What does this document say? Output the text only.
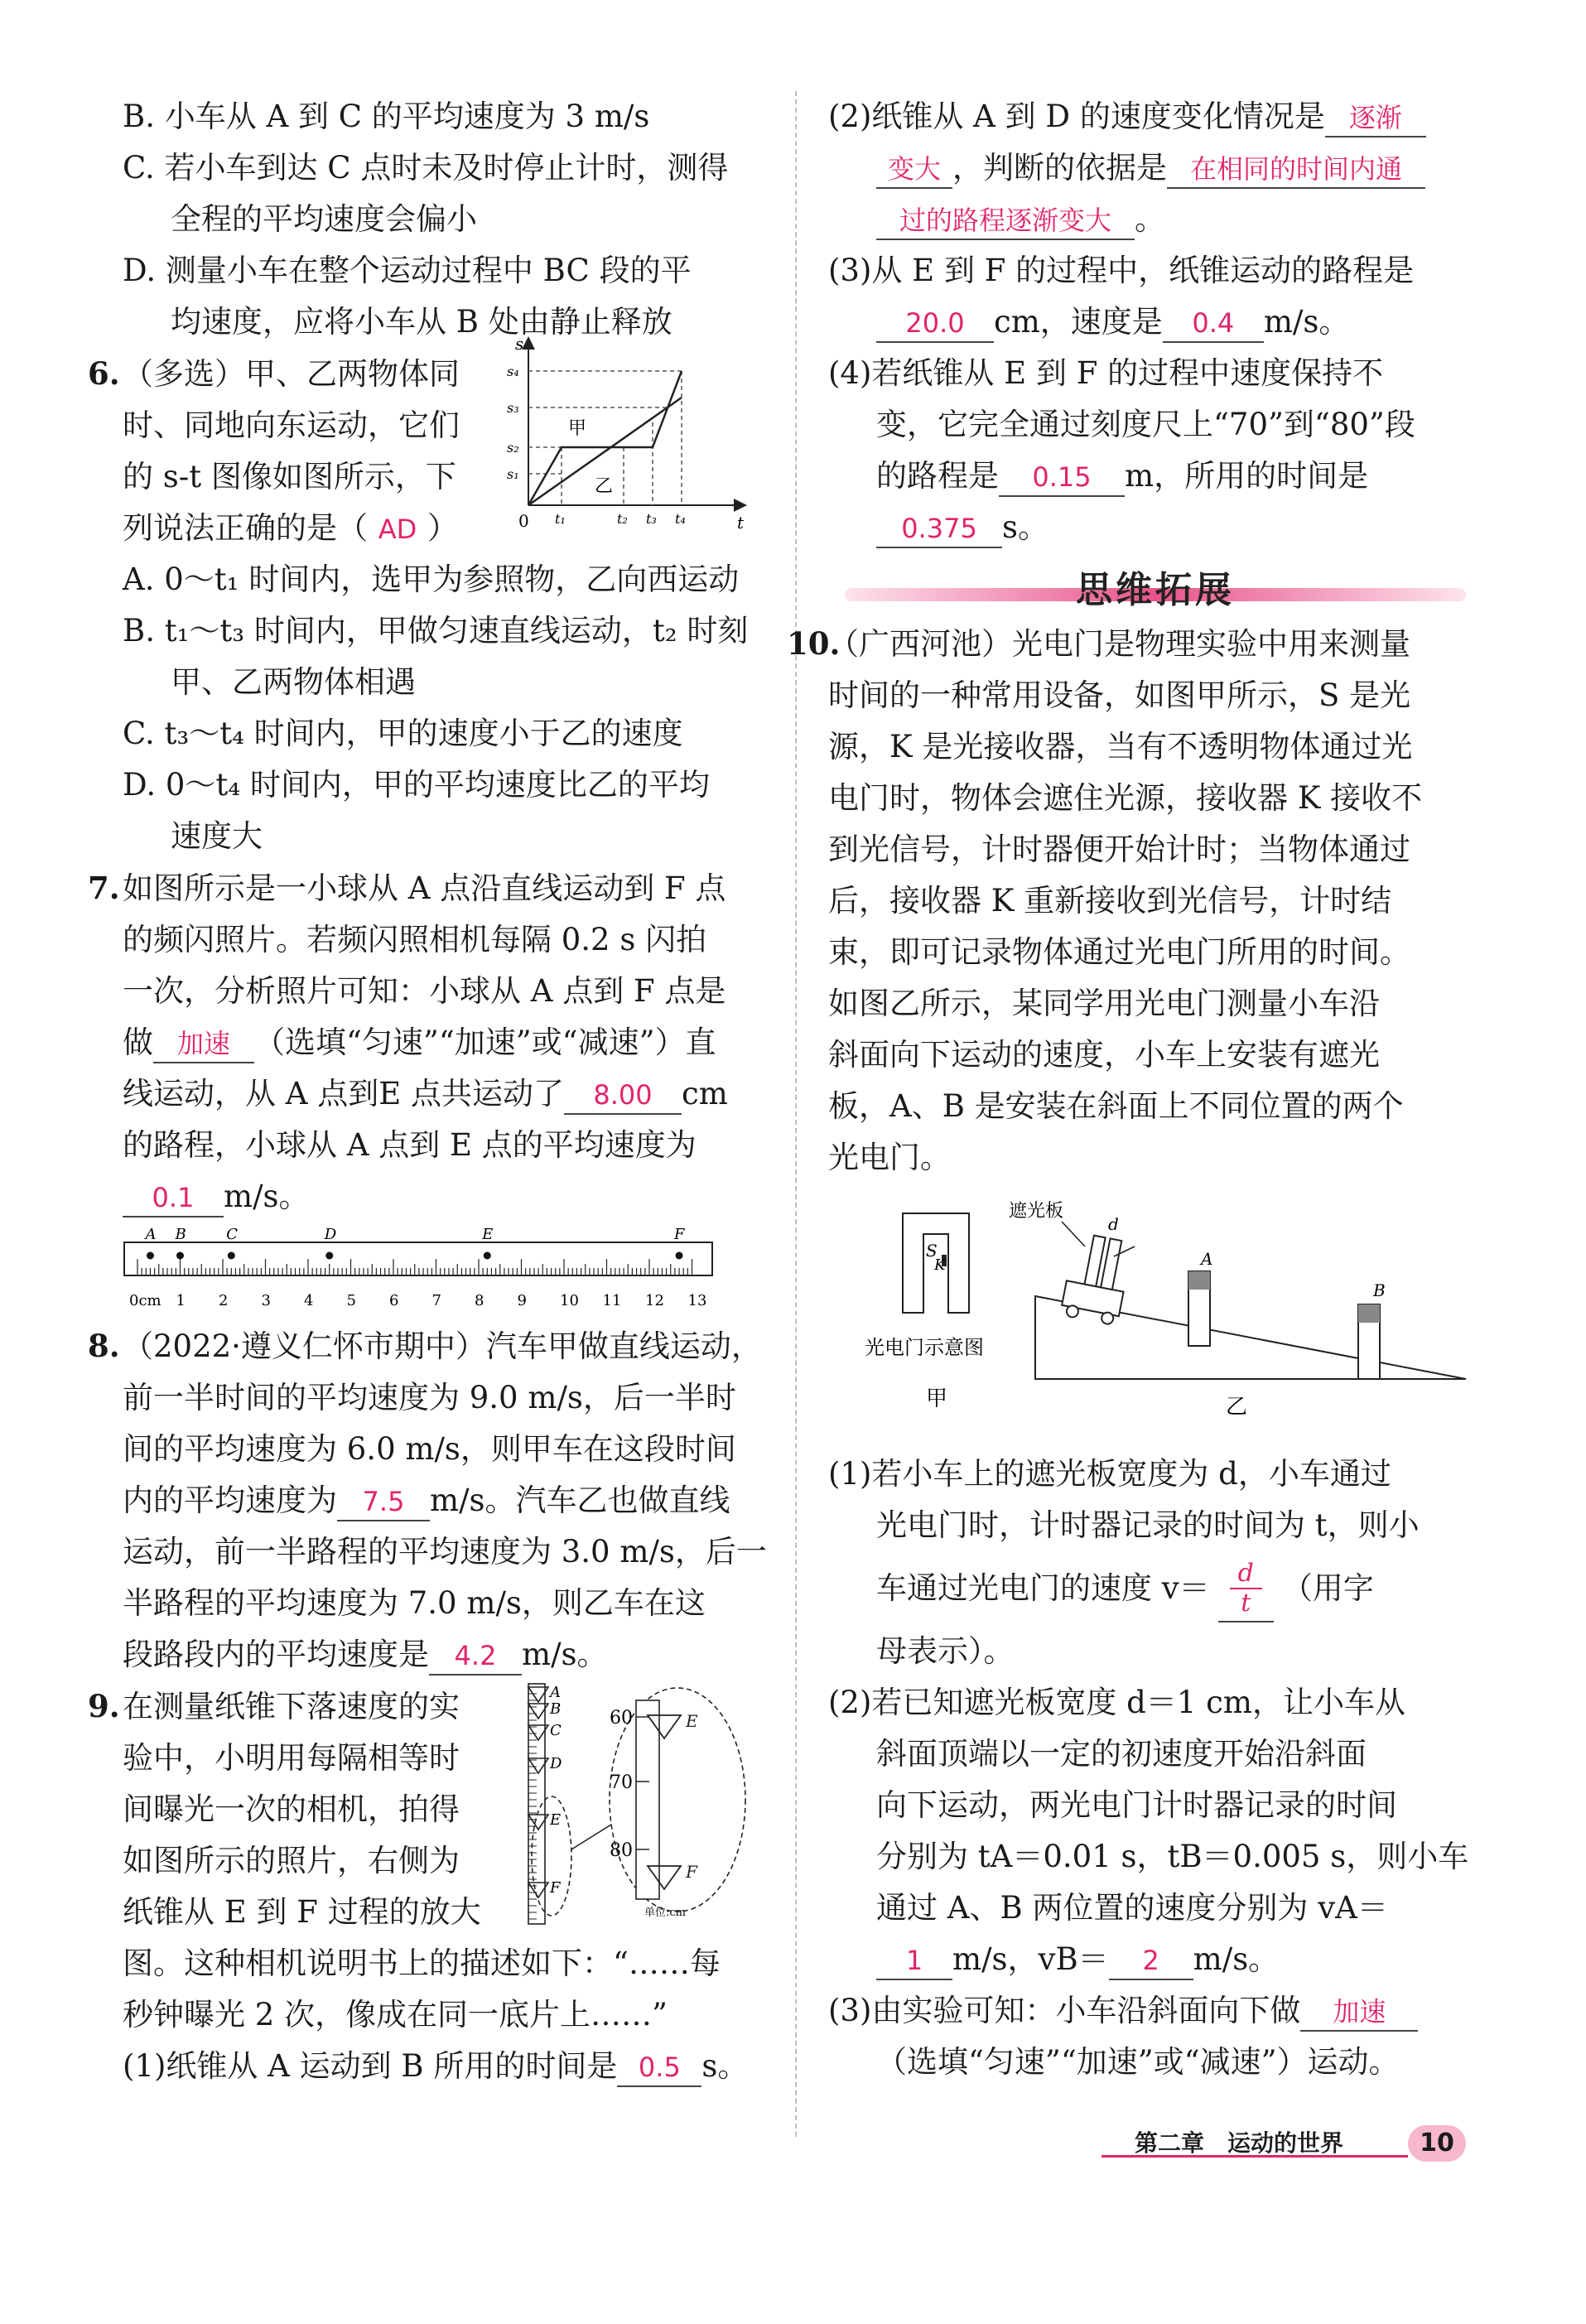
B. 小车从 A 到 C 的平均速度为 3 m/s
C. 若小车到达 C 点时未及时停止计时，测得
全程的平均速度会偏小
D. 测量小车在整个运动过程中 BC 段的平
均速度，应将小车从 B 处由静止释放
6.（多选）甲、乙两物体同
时、同地向东运动，它们
的 s-t 图像如图所示，下
列说法正确的是（ AD ）
s
t
0
s₄
s₃
s₂
s₁
t₁	t₂ t₃ t₄
甲
乙
A. 0～t₁ 时间内，选甲为参照物，乙向西运动
B. t₁～t₃ 时间内，甲做匀速直线运动，t₂ 时刻
甲、乙两物体相遇
C. t₃～t₄ 时间内，甲的速度小于乙的速度
D. 0～t₄ 时间内，甲的平均速度比乙的平均
速度大
7.如图所示是一小球从 A 点沿直线运动到 F 点
的频闪照片。若频闪照相机每隔 0.2 s 闪拍
一次，分析照片可知：小球从 A 点到 F 点是
做 加速 （选填“匀速”“加速”或“减速”）直
线运动，从 A 点到E 点共运动了 8.00 cm
的路程，小球从 A 点到 E 点的平均速度为
0.1 m/s。
A B	C	D	E	F
0cm 1 2 3 4 5 6 7 8 9 10 11 12 13
8.（2022·遵义仁怀市期中）汽车甲做直线运动，
前一半时间的平均速度为 9.0 m/s，后一半时
间的平均速度为 6.0 m/s，则甲车在这段时间
内的平均速度为 7.5 m/s。汽车乙也做直线
运动，前一半路程的平均速度为 3.0 m/s，后一
半路程的平均速度为 7.0 m/s，则乙车在这
段路段内的平均速度是 4.2 m/s。
9.在测量纸锥下落速度的实
验中，小明用每隔相等时
间曝光一次的相机，拍得
如图所示的照片，右侧为
纸锥从 E 到 F 过程的放大
A
B
C
D
E
F
60
70
80
E
F
单位:cm
图。这种相机说明书上的描述如下：“……每
秒钟曝光 2 次，像成在同一底片上……”
(1)纸锥从 A 运动到 B 所用的时间是 0.5 s。
(2)纸锥从 A 到 D 的速度变化情况是 逐渐
变大 ，判断的依据是 在相同的时间内通
过的路程逐渐变大 。
(3)从 E 到 F 的过程中，纸锥运动的路程是
20.0 cm，速度是 0.4 m/s。
(4)若纸锥从 E 到 F 的过程中速度保持不
变，它完全通过刻度尺上“70”到“80”段
的路程是 0.15 m，所用的时间是
0.375 s。
思维拓展
10.（广西河池）光电门是物理实验中用来测量
时间的一种常用设备，如图甲所示，S 是光
源，K 是光接收器，当有不透明物体通过光
电门时，物体会遮住光源，接收器 K 接收不
到光信号，计时器便开始计时；当物体通过
后，接收器 K 重新接收到光信号，计时结
束，即可记录物体通过光电门所用的时间。
如图乙所示，某同学用光电门测量小车沿
斜面向下运动的速度，小车上安装有遮光
板，A、B 是安装在斜面上不同位置的两个
光电门。
S
K
光电门示意图
甲
遮光板
d
A
B
乙
(1)若小车上的遮光板宽度为 d，小车通过
光电门时，计时器记录的时间为 t，则小
车通过光电门的速度 $v= \frac{d}{t}$ （用字
母表示）。
(2)若已知遮光板宽度 d＝1 cm，让小车从
斜面顶端以一定的初速度开始沿斜面
向下运动，两光电门计时器记录的时间
分别为 tA＝0.01 s，tB＝0.005 s，则小车
通过 A、B 两位置的速度分别为 vA＝
1 m/s，vB＝ 2 m/s。
(3)由实验可知：小车沿斜面向下做 加速
（选填“匀速”“加速”或“减速”）运动。
第二章　运动的世界	10
